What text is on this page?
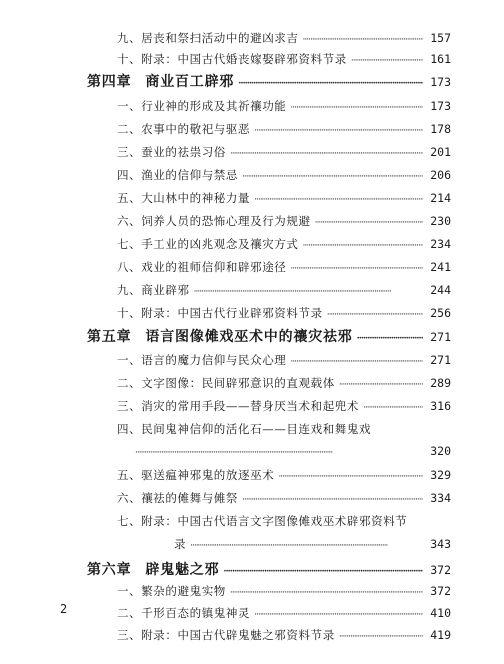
九、 居丧和祭扫活动中的避凶求吉 ·····	157
十、 附录：中国古代婚丧嫁娶辟邪资料节录 ·····	161
第四章 商业百工辟邪 ·····	173
一、 行业神的形成及其祈禳功能 ·····	173
二、 农事中的敬祀与驱恶 ·····	178
三、 蚕业的祛祟习俗 ·····	201
四、 渔业的信仰与禁忌 ·····	206
五、 大山林中的神秘力量 ·····	214
六、 饲养人员的恐怖心理及行为规避 ·····	230
七、 手工业的凶兆观念及禳灾方式 ·····	234
八、 戏业的祖师信仰和辟邪途径 ·····	241
九、 商业辟邪 ·····	244
十、 附录：中国古代行业辟邪资料节录 ·····	256
第五章 语言图像傩戏巫术中的禳灾祛邪 ·····	271
一、 语言的魔力信仰与民众心理 ·····	271
二、 文字图像：民间辟邪意识的直观载体 ·····	289
三、 消灾的常用手段——替身厌当术和起兜术 ·····	316
四、民间鬼神信仰的活化石——目连戏和舞鬼戏
·····
320
五、 驱送瘟神邪鬼的放逐巫术 ·····	329
六、 禳祛的傩舞与傩祭 ·····	334
七、附录：中国古代语言文字图像傩戏巫术辟邪资料节
录 ·····	343
第六章 辟鬼魅之邪 ·····	372
一、 繁杂的避鬼实物 ·····	372
二、 千形百态的镇鬼神灵 ·····	410
三、 附录：中国古代辟鬼魅之邪资料节录 ·····	419
2
